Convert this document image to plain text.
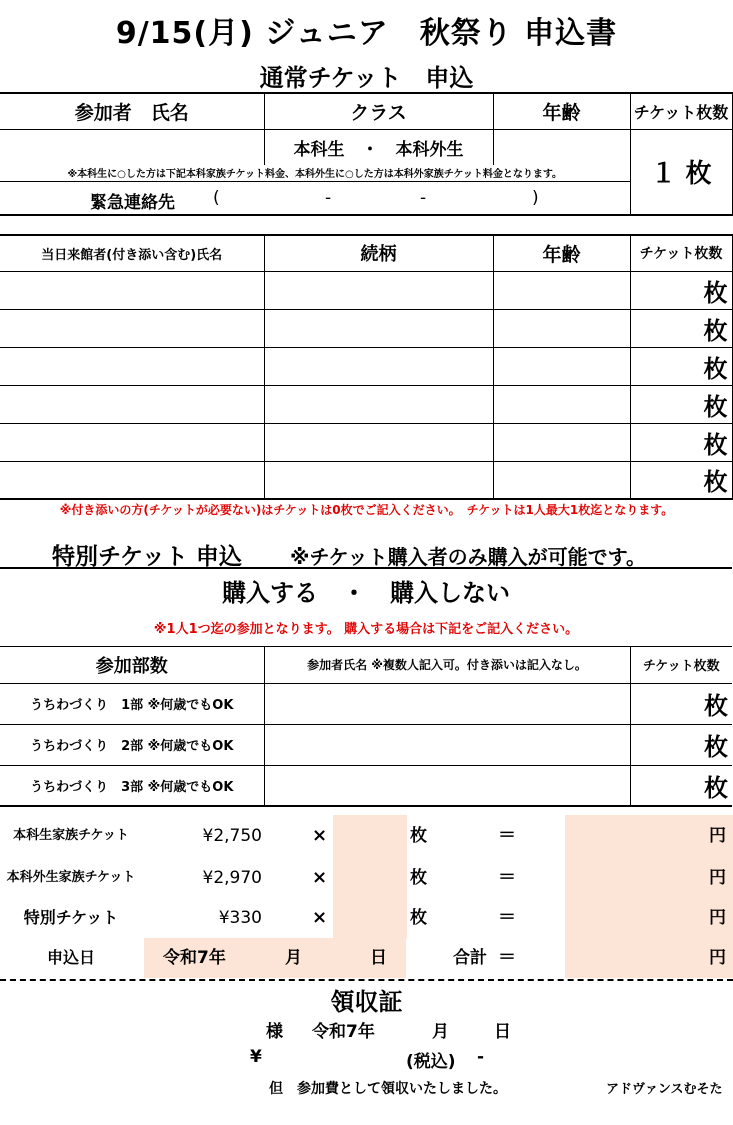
9/15(月) ジュニア　秋祭り 申込書
通常チケット　申込
参加者　氏名	クラス	年齢	チケット枚数
	本科生　・　本科外生		１ 枚
※本科生に○した方は下記本科家族チケット料金、本科外生に○した方は本科外家族チケット料金となります。			

緊急連絡先 ( - - )			
当日来館者(付き添い含む)氏名	続柄	年齢	チケット枚数
			枚
			枚
			枚
			枚
			枚
			枚
※付き添いの方(チケットが必要ない)はチケットは0枚でご記入ください。　チケットは1人最大1枚迄となります。
特別チケット 申込 ※チケット購入者のみ購入が可能です。
購入する　・　購入しない
※1人1つ迄の参加となります。 購入する場合は下記をご記入ください。		

参加部数	参加者氏名 ※複数人記入可。付き添いは記入なし。	チケット枚数
うちわづくり　1部 ※何歳でもOK		枚
うちわづくり　2部 ※何歳でもOK		枚
うちわづくり　3部 ※何歳でもOK		枚
本科生家族チケット	¥2,750	×	枚	＝	円
本科外生家族チケット	¥2,970	×	枚	＝	円
特別チケット	¥330	×	枚	＝	円
申込日	令和7年	月	日	合計 ＝	円
領収証
様 令和7年	月	日
¥	(税込) -
但　参加費として領収いたしました。	アドヴァンスむそた
